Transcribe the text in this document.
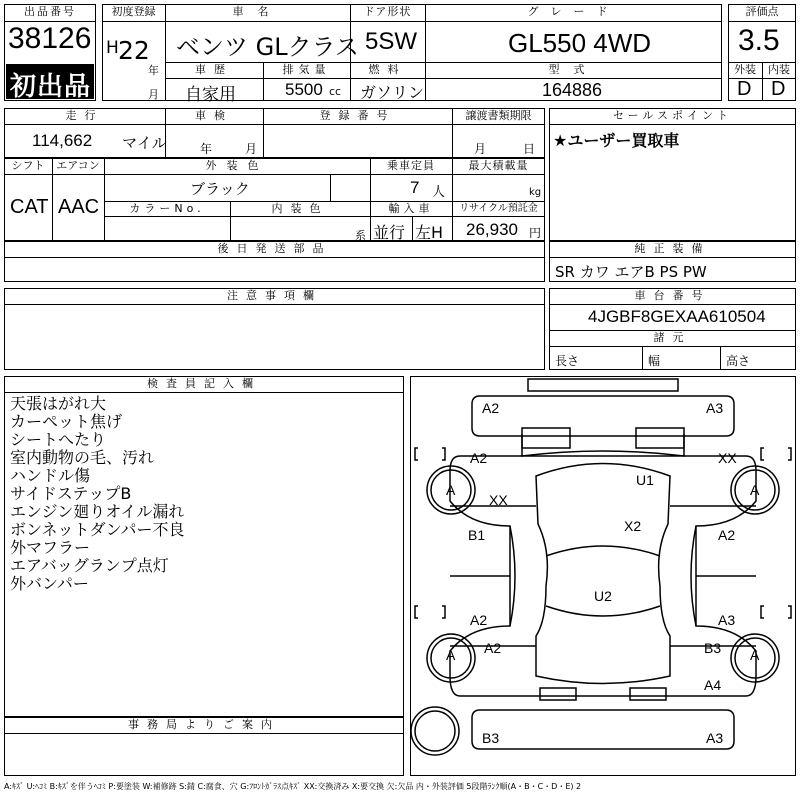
出品番号
38126
初出品
初度登録
H 22
年
月
車名
ベンツ GLクラス
ドア形状
5SW
グレード
GL550 4WD
車歴
自家用
排気量
5500 cc
燃料
ガソリン
型式
164886
評価点
3.5
外装	内装
D D
走行
114,662 マイル
車検
年	月
登録番号	譲渡書類期限
月	日
セールスポイント
★ユーザー買取車
シフト
CAT
エアコン
AAC
外装色
ブラック
乗車定員
7 人
最大積載量
kg
カラーNo.	内装色
系
輸入車
並行 左H
リサイクル預託金
26,930 円
後日発送部品	純正装備
SR カワ エアB PS PW
注意事項欄	車台番号
4JGBF8GEXAA610504
諸元
長さ	幅	高さ
検査員記入欄
天張はがれ大
カーペット焦げ
シートへたり
室内動物の毛、汚れ
ハンドル傷
サイドステップB
エンジン廻りオイル漏れ
ボンネットダンパー不良
外マフラー
エアバッグランプ点灯
外バンパー
事務局よりご案内
A2	A3
A2	XX
U1
A
XX
A
B1
X2
A2
U2
A2	A3
A A2	B3 A
A4
B3	A3
A:ｷｽﾞ U:ﾍｺﾐ B:ｷｽﾞを伴うﾍｺﾐ P:要塗装 W:補修跡 S:錆 C:腐食、穴 G:ﾌﾛﾝﾄｶﾞﾗｽ点ｷｽﾞ XX:交換済み X:要交換 欠:欠品 内・外装評価 5段階ﾗﾝｸ順(A・B・C・D・E) 2
